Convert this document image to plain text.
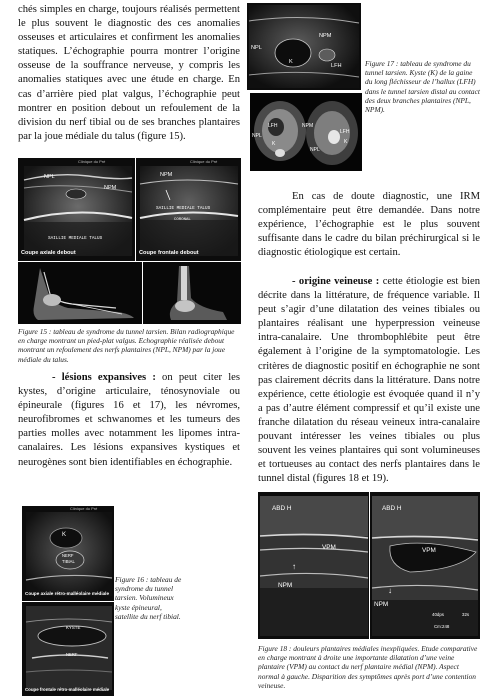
chés simples en charge, toujours réalisés permettent le plus souvent le diagnostic des ces anomalies osseuses et articulaires et confirment les anomalies statiques. L’échographie pourra montrer l’origine osseuse de la souffrance nerveuse, y compris les anomalies statiques avec une étude en charge. En cas d’arrière pied plat valgus, l’échographie peut montrer en position debout un refoulement de la division du nerf tibial ou de ses branches plantaires par la joue médiale du talus (figure 15).

Clinique du Pré
NPL
NPM
SAILLIE MEDIALE TALUS
Coupe axiale debout
Clinique du Pré
NPM
SAILLIE MEDIALE TALUS
CORONAL
Coupe frontale debout

Figure 15 : tableau de syndrome du tunnel tarsien. Bilan radiographique en charge montrant un pied-plat valgus. Echographie réalisée debout montrant un refoulement des nerfs plantaires (NPL, NPM) par la joue médiale du talus.

- lésions expansives : on peut citer les kystes, d’origine articulaire, ténosynoviale ou épineurale (figures 16 et 17), les névromes, neurofibromes et schwanomes et les tumeurs des parties molles avec notamment les lipomes intra-canalaires. Les lésions expansives kystiques et neurogènes sont bien identifiables en échographie.

Clinique du Pré
K
NERF
TIBIAL
Coupe axiale rétro-malléolaire médiale
KYSTE
NERF
Coupe frontale rétro-malléolaire médiale

Figure 16 : tableau de syndrome du tunnel tarsien. Volumineux kyste épineural, satellite du nerf tibial.

NPM
NPL
K
LFH
LFH
NPL
K
NPM
LFH
K
NPL

Figure 17 : tableau de syndrome du tunnel tarsien. Kyste (K) de la gaine du long fléchisseur de l’hallux (LFH) dans le tunnel tarsien distal au contact des deux branches plantaires (NPL, NPM).

En cas de doute diagnostic, une IRM complémentaire peut être demandée. Dans notre expérience, l’échographie est le plus souvent suffisante dans le cadre du bilan préchirurgical si le diagnostic étiologique est certain.

- origine veineuse : cette étiologie est bien décrite dans la littérature, de fréquence variable. Il peut s’agir d’une dilatation des veines tibiales ou plantaires réalisant une hyperpression veineuse intra-canalaire. Une thrombophlébite peut être également à l’origine de la symptomatologie. Les critères de diagnostic positif en échographie ne sont pas clairement décrits dans la littérature. Dans notre expérience, cette étiologie est évoquée quand il n’y a pas d’autre élément compressif et qu’il existe une franche dilatation du réseau veineux intra-canalaire pouvant intéresser les veines tibiales ou plus souvent les veines plantaires qui sont volumineuses et tortueuses au contact des nerfs plantaires dans le tunnel distal (figures 18 et 19).

ABD H
VPM
NPM
↑
ABD H
VPM
NPM
↓
40dps
Cm:248
32s

Figure 18 : douleurs plantaires médiales inexpliquées. Etude comparative en charge montrant à droite une importante dilatation d’une veine plantaire (VPM) au contact du nerf plantaire médial (NPM). Aspect normal à gauche. Disparition des symptômes après port d’une contention veineuse.
